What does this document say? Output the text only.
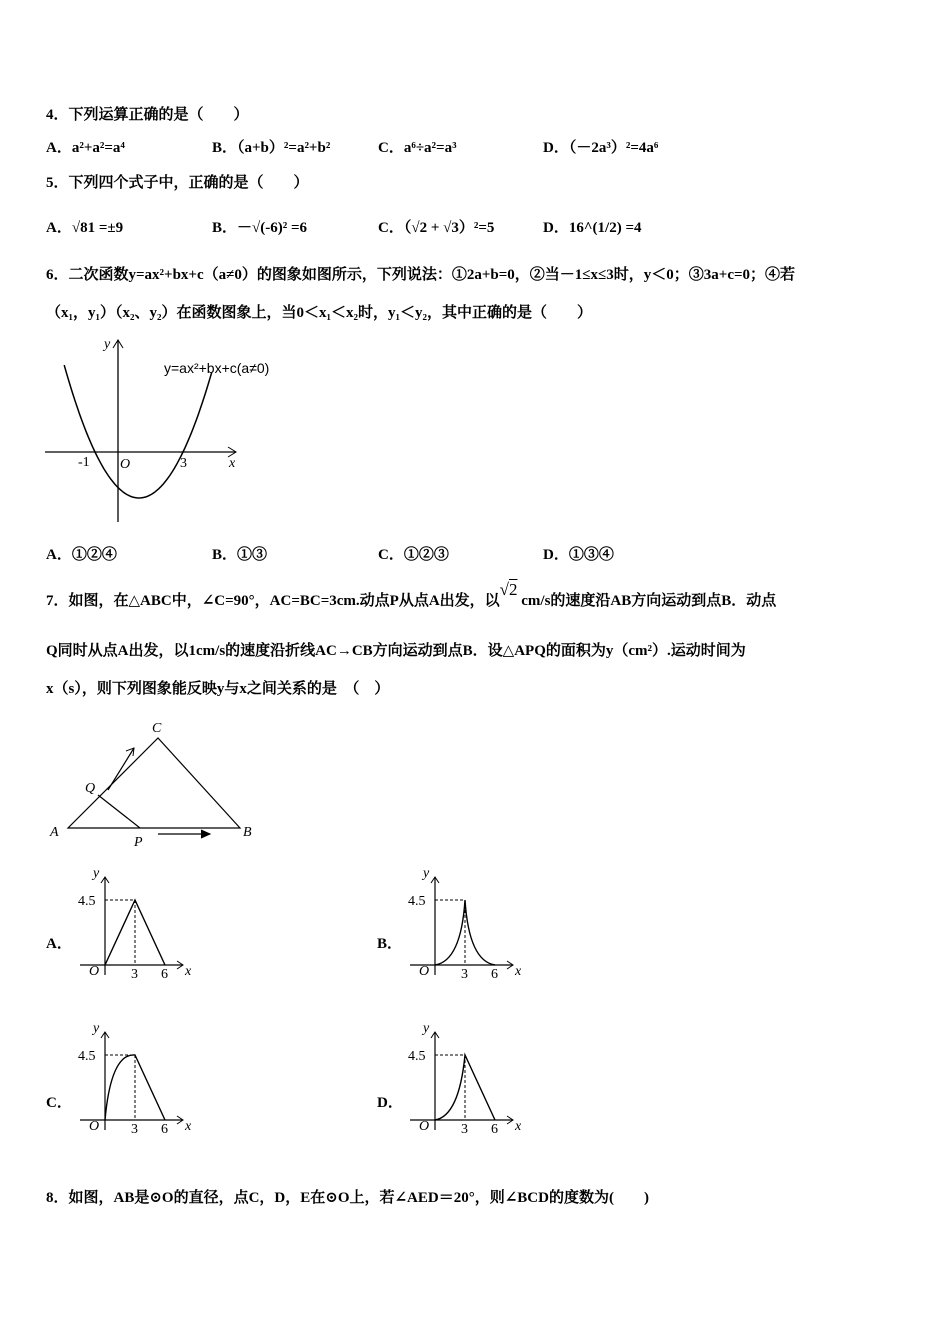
4．下列运算正确的是（　　）
A．a²+a²=a⁴	B．（a+b）²=a²+b²	C．a⁶÷a²=a³	D．（－2a³）²=4a⁶
5．下列四个式子中，正确的是（　　）
A．√81 =±9	B．－√(-6)² =6	C．（√2 + √3）²=5	D．16^(1/2) =4
6．二次函数y=ax²+bx+c（a≠0）的图象如图所示，下列说法：①2a+b=0，②当－1≤x≤3时，y＜0；③3a+c=0；④若
（x₁，y₁）（x₂、y₂）在函数图象上，当0＜x₁＜x₂时，y₁＜y₂，其中正确的是（　　）
y=ax²+bx+c(a≠0)
y
x
O
-1	3
A	B
C
P
Q
A．①②④	B．①③	C．①②③	D．①③④
7．如图，在△ABC中，∠C=90°，AC=BC=3cm.动点P从点A出发，以√2 cm/s的速度沿AB方向运动到点B．动点
Q同时从点A出发，以1cm/s的速度沿折线AC→CB方向运动到点B．设△APQ的面积为y（cm²）.运动时间为
x（s），则下列图象能反映y与x之间关系的是　（　）
A．	B．
C．	D．
8．如图，AB是⊙O的直径，点C，D，E在⊙O上，若∠AED＝20°，则∠BCD的度数为(　　)
y
x
O
4.5
3 6
y
x
O
4.5
3 6
y
x
O
4.5
3 6
y
x
O
4.5
3 6
